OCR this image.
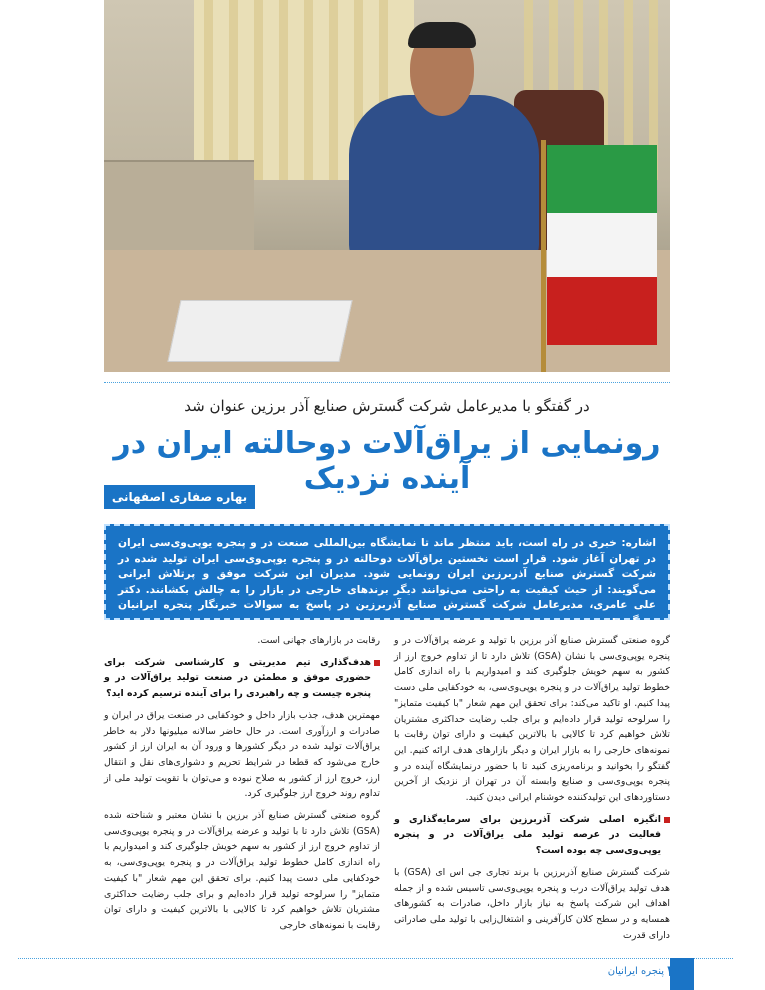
در گفتگو با مدیرعامل شرکت گسترش صنایع آذر برزین عنوان شد
رونمایی از یراق‌آلات دوحالته ایران در آینده نزدیک
بهاره صفاری اصفهانی
اشاره: خبری در راه است، باید منتظر ماند تا نمایشگاه بین‌المللی صنعت در و پنجره یوپی‌وی‌سی ایران در تهران آغاز شود. قرار است نخستین یراق‌آلات دوحالته در و پنجره یوپی‌وی‌سی ایران تولید شده در شرکت گسترش صنایع آذربرزین ایران رونمایی شود. مدیران این شرکت موفق و پرتلاش ایرانی می‌گویند: از حیث کیفیت به راحتی می‌توانند دیگر برندهای خارجی در بازار را به چالش بکشانند. دکتر علی عامری، مدیرعامل شرکت گسترش صنایع آذربرزین در پاسخ به سوالات خبرنگار پنجره ایرانیان می‌گوید:

گروه صنعتی گسترش صنایع آذر برزین با تولید و عرضه یراق‌آلات در و پنجره یوپی‌وی‌سی با نشان (GSA) تلاش دارد تا از تداوم خروج ارز از کشور به سهم خویش جلوگیری کند و امیدواریم با راه اندازی کامل خطوط تولید یراق‌آلات در و پنجره یوپی‌وی‌سی، به خودکفایی ملی دست پیدا کنیم. او تاکید می‌کند: برای تحقق این مهم شعار "با کیفیت متمایز" را سرلوحه تولید قرار داده‌ایم و برای جلب رضایت حداکثری مشتریان تلاش خواهیم کرد تا کالایی با بالاترین کیفیت و دارای توان رقابت با نمونه‌های خارجی را به بازار ایران و دیگر بازارهای هدف ارائه کنیم. این گفتگو را بخوانید و برنامه‌ریزی کنید تا با حضور درنمایشگاه آینده در و پنجره یوپی‌وی‌سی و صنایع وابسته آن در تهران از نزدیک از آخرین دستاوردهای این تولیدکننده خوشنام ایرانی دیدن کنید.

انگیزه اصلی شرکت آذربرزین برای سرمایه‌گذاری و فعالیت در عرصه تولید ملی یراق‌آلات در و پنجره یوپی‌وی‌سی چه بوده است؟

شرکت گسترش صنایع آذربرزین با برند تجاری جی اس ای (GSA) با هدف تولید یراق‌آلات درب و پنجره یوپی‌وی‌سی تاسیس شده و از جمله اهداف این شرکت پاسخ به نیاز بازار داخل، صادرات به کشورهای همسایه و در سطح کلان کارآفرینی و اشتغال‌زایی با تولید ملی صادراتی دارای قدرت

رقابت در بازارهای جهانی است.

هدف‌گذاری تیم مدیریتی و کارشناسی شرکت برای حضوری موفق و مطمئن در صنعت تولید یراق‌آلات در و پنجره چیست و چه راهبردی را برای آینده ترسیم کرده اید؟

مهمترین هدف، جذب بازار داخل و خودکفایی در صنعت یراق در ایران و صادرات و ارزآوری است. در حال حاضر سالانه میلیونها دلار به خاطر یراق‌آلات تولید شده در دیگر کشورها و ورود آن به ایران ارز از کشور خارج می‌شود که قطعا در شرایط تحریم و دشواری‌های نقل و انتقال ارز، خروج ارز از کشور به صلاح نبوده و می‌توان با تقویت تولید ملی از تداوم روند خروج ارز جلوگیری کرد.

گروه صنعتی گسترش صنایع آذر برزین با نشان معتبر و شناخته شده (GSA) تلاش دارد تا با تولید و عرضه یراق‌آلات در و پنجره یوپی‌وی‌سی از تداوم خروج ارز از کشور به سهم خویش جلوگیری کند و امیدواریم با راه اندازی کامل خطوط تولید یراق‌آلات در و پنجره یوپی‌وی‌سی، به خودکفایی ملی دست پیدا کنیم. برای تحقق این مهم شعار "با کیفیت متمایز" را سرلوحه تولید قرار داده‌ایم و برای جلب رضایت حداکثری مشتریان تلاش خواهیم کرد تا کالایی با بالاترین کیفیت و دارای توان رقابت با نمونه‌های خارجی

۱۹۶
پنجره ایرانیان
